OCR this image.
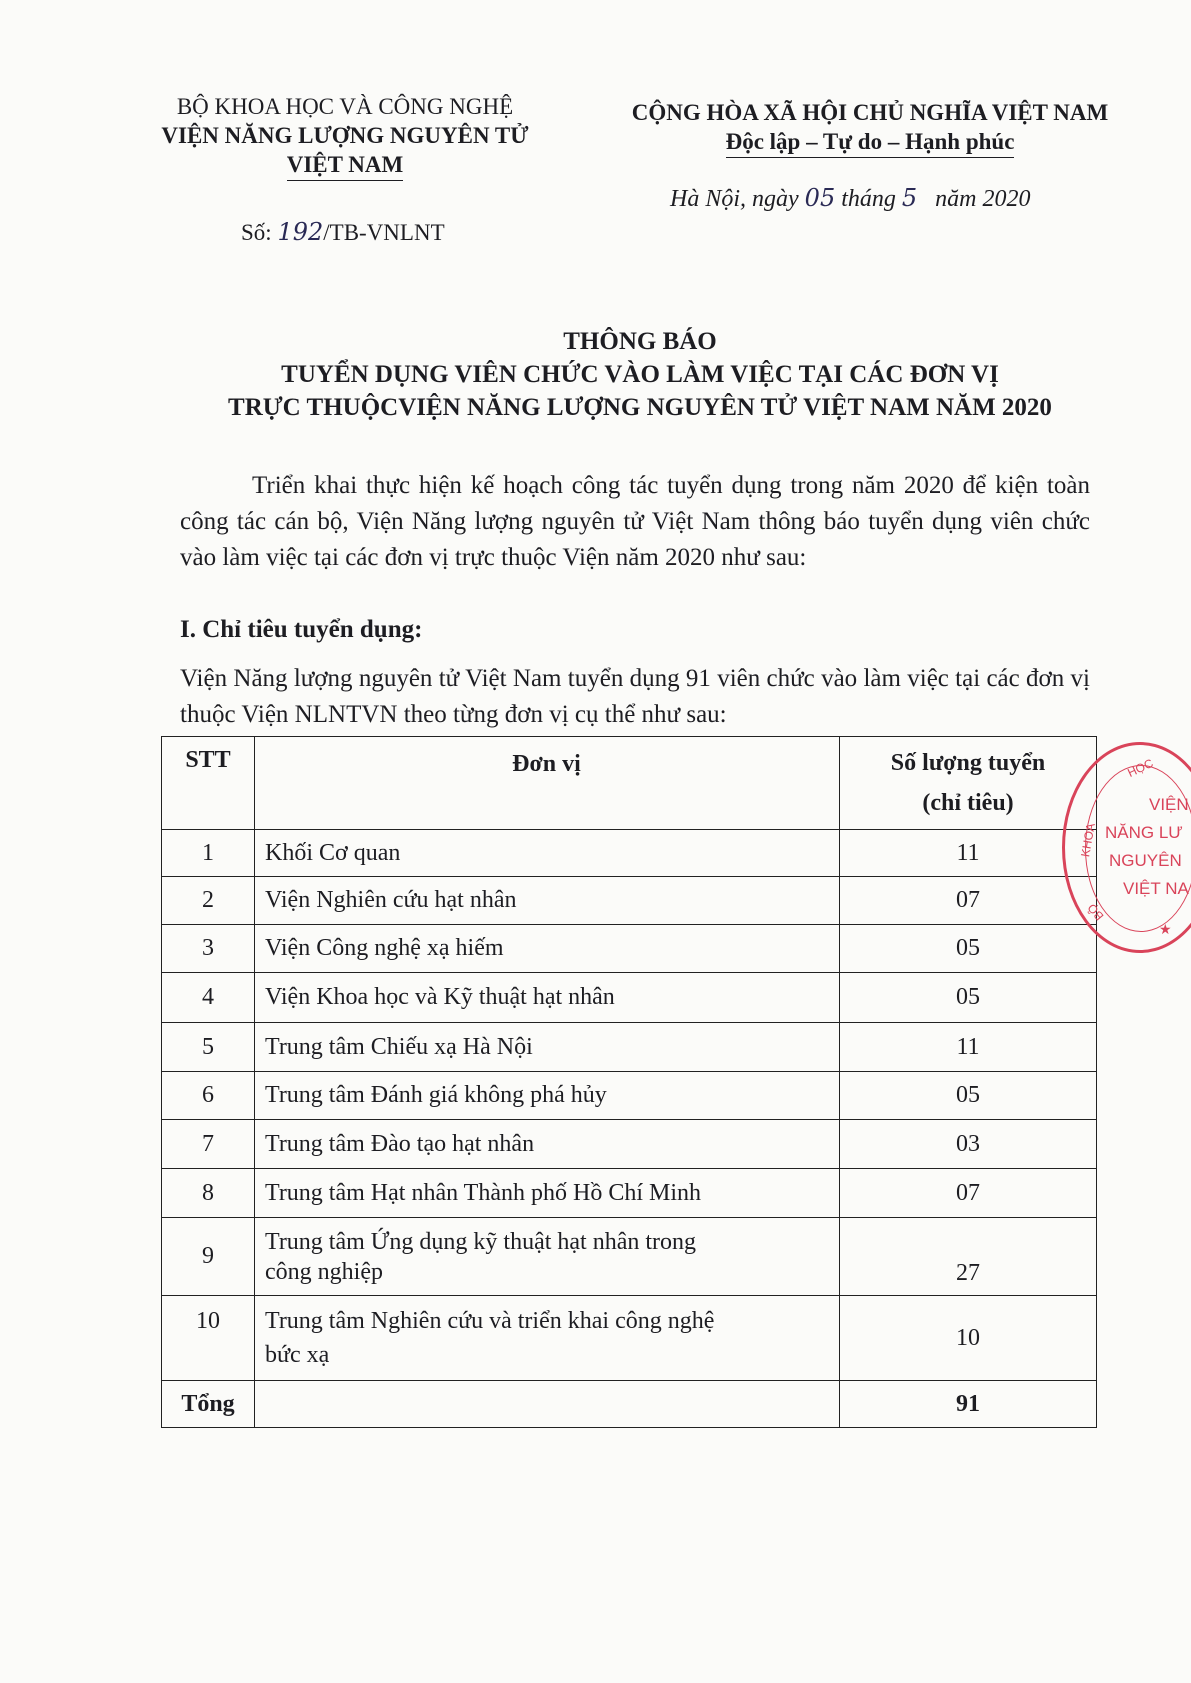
BỘ KHOA HỌC VÀ CÔNG NGHỆ
VIỆN NĂNG LƯỢNG NGUYÊN TỬ
VIỆT NAM
Số: 192/TB-VNLNT
CỘNG HÒA XÃ HỘI CHỦ NGHĨA VIỆT NAM
Độc lập – Tự do – Hạnh phúc
Hà Nội, ngày 05 tháng 5 năm 2020
THÔNG BÁO
TUYỂN DỤNG VIÊN CHỨC VÀO LÀM VIỆC TẠI CÁC ĐƠN VỊ
TRỰC THUỘCVIỆN NĂNG LƯỢNG NGUYÊN TỬ VIỆT NAM NĂM 2020
Triển khai thực hiện kế hoạch công tác tuyển dụng trong năm 2020 để kiện toàn công tác cán bộ, Viện Năng lượng nguyên tử Việt Nam thông báo tuyển dụng viên chức vào làm việc tại các đơn vị trực thuộc Viện năm 2020 như sau:
I. Chỉ tiêu tuyển dụng:
Viện Năng lượng nguyên tử Việt Nam tuyển dụng 91 viên chức vào làm việc tại các đơn vị thuộc Viện NLNTVN theo từng đơn vị cụ thể như sau:
STT	Đơn vị	Số lượng tuyển
(chỉ tiêu)

1	Khối Cơ quan	11
2	Viện Nghiên cứu hạt nhân	07
3	Viện Công nghệ xạ hiếm	05
4	Viện Khoa học và Kỹ thuật hạt nhân	05
5	Trung tâm Chiếu xạ Hà Nội	11
6	Trung tâm Đánh giá không phá hủy	05
7	Trung tâm Đào tạo hạt nhân	03
8	Trung tâm Hạt nhân Thành phố Hồ Chí Minh	07
9	Trung tâm Ứng dụng kỹ thuật hạt nhân trong
công nghiệp	27
10	Trung tâm Nghiên cứu và triển khai công nghệ
bức xạ	10
Tổng		91
HỌC
KHOA
BỘ
VIỆN
NĂNG LƯ
NGUYÊN
VIỆT NA
★
